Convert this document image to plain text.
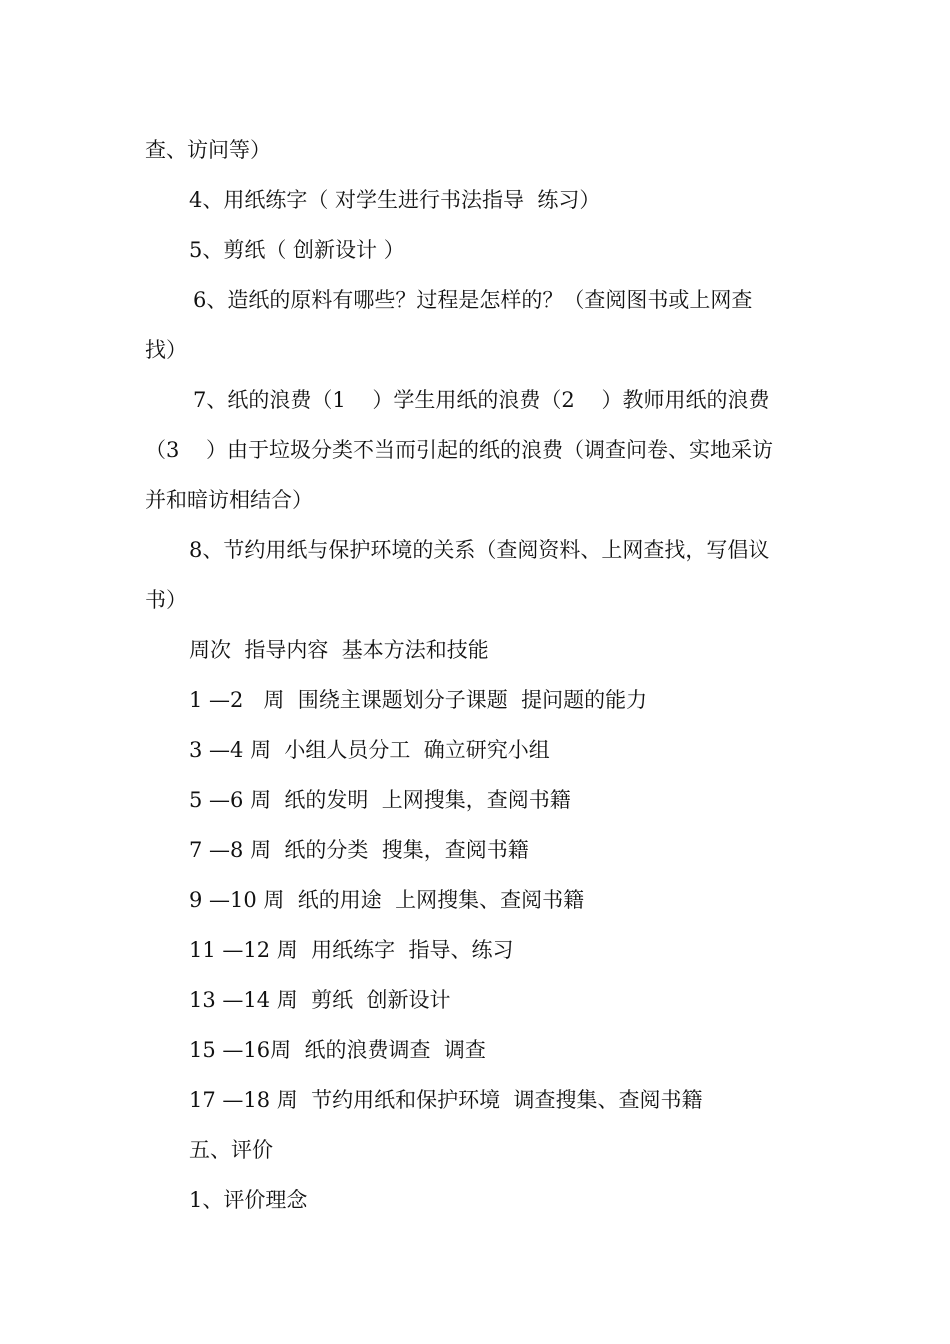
查、访问等）
4、用纸练字（ 对学生进行书法指导  练习）
5、剪纸（ 创新设计 ）
6、造纸的原料有哪些？过程是怎样的？（查阅图书或上网查
找）
7、纸的浪费（1    ）学生用纸的浪费（2    ）教师用纸的浪费
（3    ）由于垃圾分类不当而引起的纸的浪费（调查问卷、实地采访
并和暗访相结合）
8、节约用纸与保护环境的关系（查阅资料、上网查找，写倡议
书）
周次  指导内容  基本方法和技能
1 —2   周  围绕主课题划分子课题  提问题的能力
3 —4 周  小组人员分工  确立研究小组
5 —6 周  纸的发明  上网搜集，查阅书籍
7 —8 周  纸的分类  搜集，查阅书籍
9 —10 周  纸的用途  上网搜集、查阅书籍
11 —12 周  用纸练字  指导、练习
13 —14 周  剪纸  创新设计
15 —16周  纸的浪费调查  调查
17 —18 周  节约用纸和保护环境  调查搜集、查阅书籍
五、评价
1、评价理念
